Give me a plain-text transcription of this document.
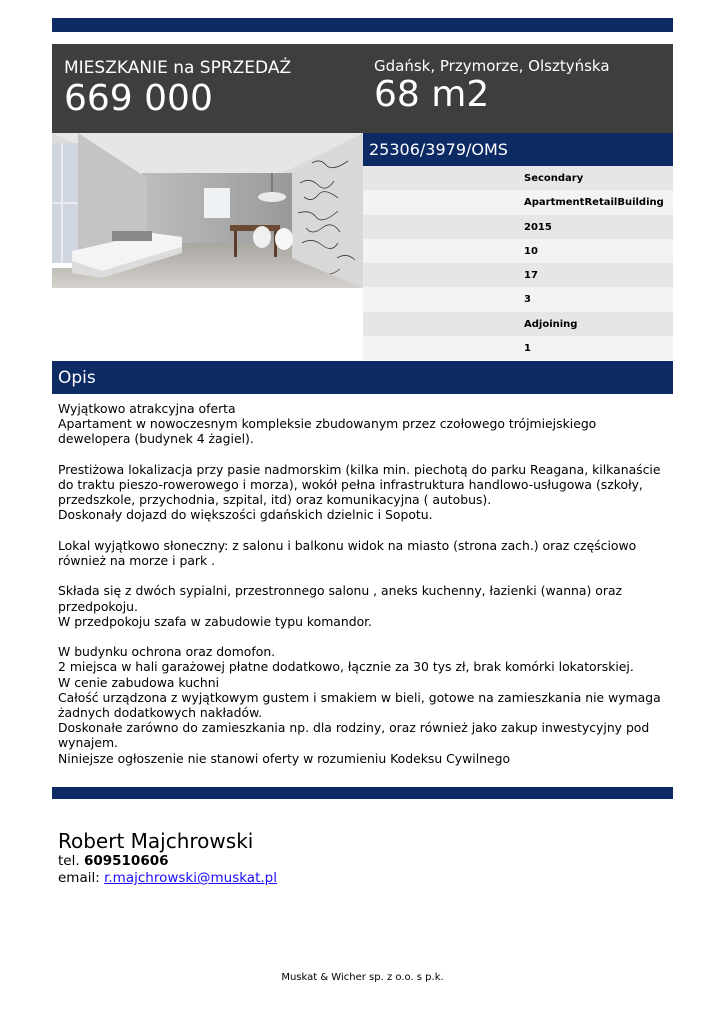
MIESZKANIE na SPRZEDAŻ
669 000
Gdańsk, Przymorze, Olsztyńska
68 m2
25306/3979/OMS
Secondary
ApartmentRetailBuilding
2015
10
17
3
Adjoining
1
Opis
Wyjątkowo atrakcyjna oferta
Apartament w nowoczesnym kompleksie zbudowanym przez czołowego trójmiejskiego dewelopera (budynek 4 żagiel).

Prestiżowa lokalizacja przy pasie nadmorskim (kilka min. piechotą do parku Reagana, kilkanaście do traktu pieszo-rowerowego i morza), wokół pełna infrastruktura handlowo-usługowa (szkoły, przedszkole, przychodnia, szpital, itd) oraz komunikacyjna ( autobus).
Doskonały dojazd do większości gdańskich dzielnic i Sopotu.

Lokal wyjątkowo słoneczny: z salonu i balkonu widok na miasto (strona zach.) oraz częściowo również na morze i park .

Składa się z dwóch sypialni, przestronnego salonu , aneks kuchenny, łazienki (wanna) oraz przedpokoju.
W przedpokoju szafa w zabudowie typu komandor.

W budynku ochrona oraz domofon.
2 miejsca w hali garażowej płatne dodatkowo, łącznie za 30 tys zł, brak komórki lokatorskiej.
W cenie zabudowa kuchni
Całość urządzona z wyjątkowym gustem i smakiem w bieli, gotowe na zamieszkania nie wymaga żadnych dodatkowych nakładów.
Doskonałe zarówno do zamieszkania np. dla rodziny, oraz również jako zakup inwestycyjny pod wynajem.
Niniejsze ogłoszenie nie stanowi oferty w rozumieniu Kodeksu Cywilnego
Robert Majchrowski
tel. 609510606
email: r.majchrowski@muskat.pl
Muskat & Wicher sp. z o.o. s p.k.
